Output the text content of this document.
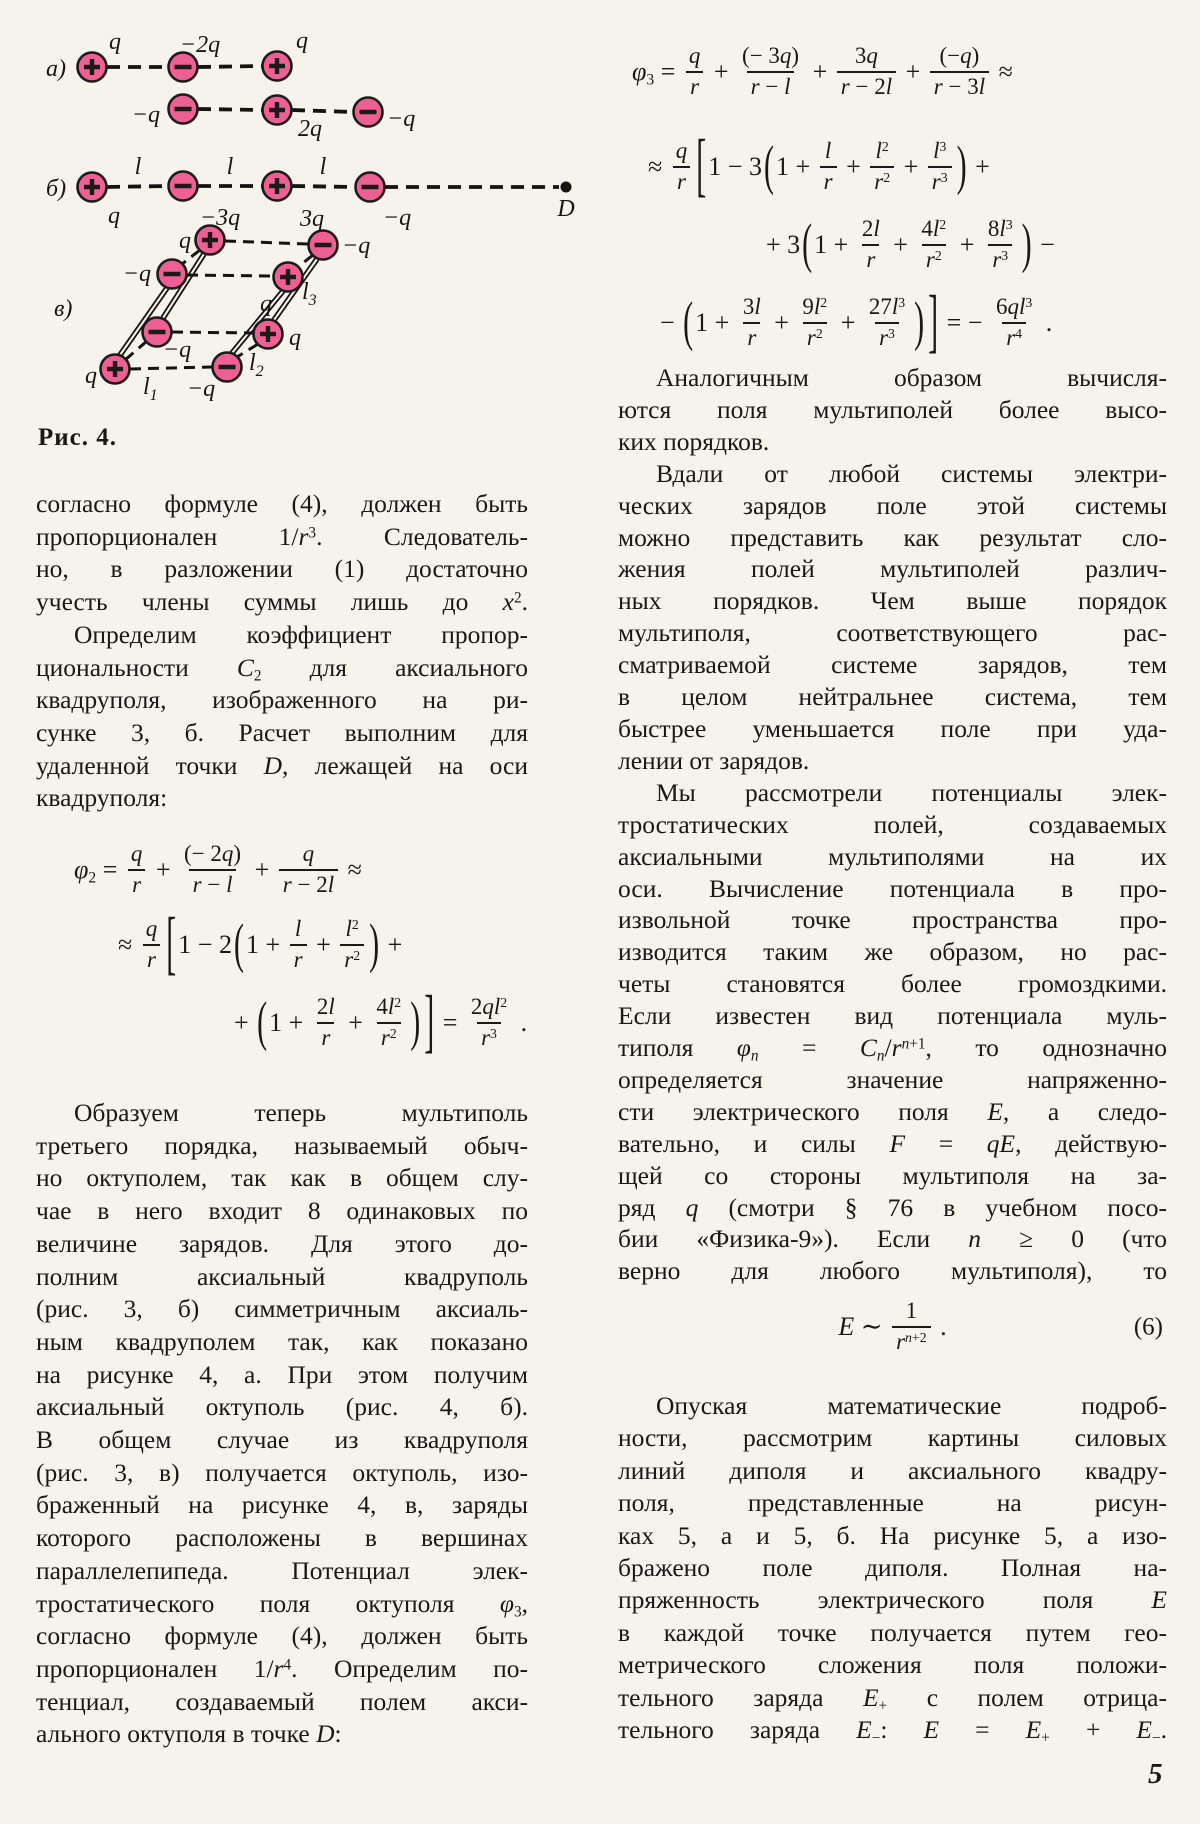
а)
q −2q	q
−q
2q	−q
б)
l	l	l
q	−3q 3q −q	D
в)
q	−q
−q
q
−q	q
q	−q
$l_1$
$l_2$
$l_3$
Рис. 4.
согласно формуле (4), должен быть
пропорционален $1/r^3$. Следователь-
но, в разложении (1) достаточно
учесть члены суммы лишь до $x^2$.
Определим коэффициент пропор-
циональности $C_2$ для аксиального
квадруполя, изображенного на ри-
сунке 3, б. Расчет выполним для
удаленной точки D, лежащей на оси
квадруполя:
$\varphi_2 = \frac{q}{r} + \frac{(- 2q)}{r - l} + \frac{q}{r - 2l}$ ≈
≈ $\frac{q}{r}$ [ 1 − 2 ( $1 + \frac{l}{r} + \frac{l^2}{r^2}$ ) +
+ ( $1 + \frac{2l}{r} + \frac{4l^2}{r^2}$ ) ] = $\frac{2ql^2}{r^3}$ .
Образуем теперь мультиполь
третьего порядка, называемый обыч-
но октуполем, так как в общем слу-
чае в него входит 8 одинаковых по
величине зарядов. Для этого до-
полним аксиальный квадруполь
(рис. 3, б) симметричным аксиаль-
ным квадруполем так, как показано
на рисунке 4, а. При этом получим
аксиальный октуполь (рис. 4, б).
В общем случае из квадруполя
(рис. 3, в) получается октуполь, изо-
браженный на рисунке 4, в, заряды
которого расположены в вершинах
параллелепипеда. Потенциал элек-
тростатического поля октуполя $\varphi_3$,
согласно формуле (4), должен быть
пропорционален $1/r^4$. Определим по-
тенциал, создаваемый полем акси-
ального октуполя в точке D:
$\varphi_3 = \frac{q}{r} + \frac{(- 3q)}{r - l} + \frac{3q}{r - 2l} + \frac{(-q)}{r - 3l}$ ≈
≈ $\frac{q}{r}$ [ 1 − 3 ( $1 + \frac{l}{r} + \frac{l^2}{r^2} + \frac{l^3}{r^3}$ ) +
+ 3 ( $1 + \frac{2l}{r} + \frac{4l^2}{r^2} + \frac{8l^3}{r^3}$ ) −
− ( $1 + \frac{3l}{r} + \frac{9l^2}{r^2} + \frac{27l^3}{r^3}$ ) ] = − $\frac{6ql^3}{r^4}$ .
Аналогичным образом вычисля-
ются поля мультиполей более высо-
ких порядков.
Вдали от любой системы электри-
ческих зарядов поле этой системы
можно представить как результат сло-
жения полей мультиполей различ-
ных порядков. Чем выше порядок
мультиполя, соответствующего рас-
сматриваемой системе зарядов, тем
в целом нейтральнее система, тем
быстрее уменьшается поле при уда-
лении от зарядов.
Мы рассмотрели потенциалы элек-
тростатических полей, создаваемых
аксиальными мультиполями на их
оси. Вычисление потенциала в про-
извольной точке пространства про-
изводится таким же образом, но рас-
четы становятся более громоздкими.
Если известен вид потенциала муль-
типоля $\varphi_n = C_n/r^{n+1}$, то однозначно
определяется значение напряженно-
сти электрического поля E, а следо-
вательно, и силы F = qE, действую-
щей со стороны мультиполя на за-
ряд q (смотри § 76 в учебном посо-
бии «Физика-9»). Если n ≥ 0 (что
верно для любого мультиполя), то
E ∼
1
$r^{n+2}$ .	(6)
Опуская математические подроб-
ности, рассмотрим картины силовых
линий диполя и аксиального квадру-
поля, представленные на рисун-
ках 5, а и 5, б. На рисунке 5, а изо-
бражено поле диполя. Полная на-
пряженность электрического поля E
в каждой точке получается путем гео-
метрического сложения поля положи-
тельного заряда $E_+$ с полем отрица-
тельного заряда $E_-$: $E = E_+ + E_-$.
5
